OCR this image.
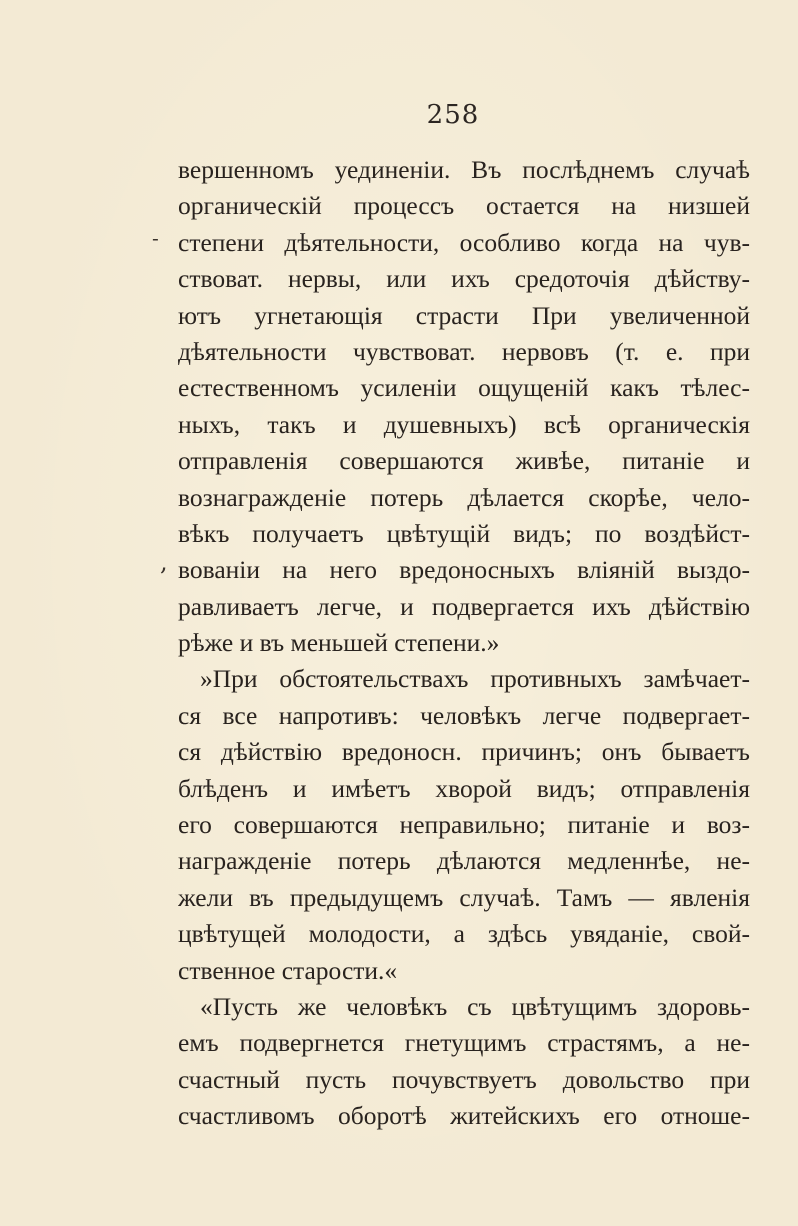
258
-
,
вершенномъ уединеніи. Въ послѣднемъ случаѣ
органическій процессъ остается на низшей
степени дѣятельности, особливо когда на чув-
ствоват. нервы, или ихъ средоточія дѣйству-
ютъ угнетающія страсти При увеличенной
дѣятельности чувствоват. нервовъ (т. е. при
естественномъ усиленіи ощущеній какъ тѣлес-
ныхъ, такъ и душевныхъ) всѣ органическія
отправленія совершаются живѣе, питаніе и
вознагражденіе потерь дѣлается скорѣе, чело-
вѣкъ получаетъ цвѣтущій видъ; по воздѣйст-
вованіи на него вредоносныхъ вліяній выздо-
равливаетъ легче, и подвергается ихъ дѣйствію
рѣже и въ меньшей степени.»
»При обстоятельствахъ противныхъ замѣчает-
ся все напротивъ: человѣкъ легче подвергает-
ся дѣйствію вредоносн. причинъ; онъ бываетъ
блѣденъ и имѣетъ хворой видъ; отправленія
его совершаются неправильно; питаніе и воз-
награжденіе потерь дѣлаются медленнѣе, не-
жели въ предыдущемъ случаѣ. Тамъ — явленія
цвѣтущей молодости, а здѣсь увяданіе, свой-
ственное старости.«
«Пусть же человѣкъ съ цвѣтущимъ здоровь-
емъ подвергнется гнетущимъ страстямъ, а не-
счастный пусть почувствуетъ довольство при
счастливомъ оборотѣ житейскихъ его отноше-
